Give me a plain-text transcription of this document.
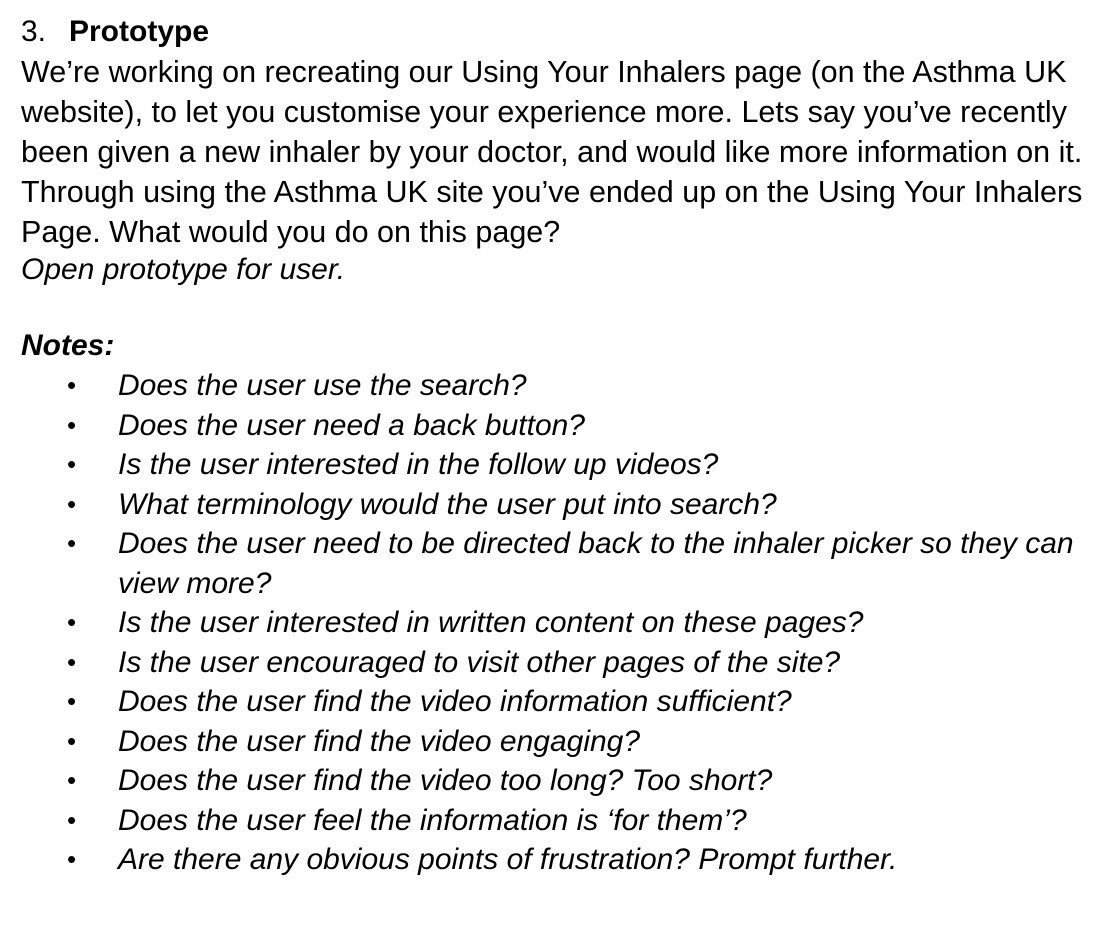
3. Prototype

We’re working on recreating our Using Your Inhalers page (on the Asthma UK website), to let you customise your experience more. Lets say you’ve recently been given a new inhaler by your doctor, and would like more information on it. Through using the Asthma UK site you’ve ended up on the Using Your Inhalers Page. What would you do on this page?

Open prototype for user.

Notes:

•	Does the user use the search?
•	Does the user need a back button?
•	Is the user interested in the follow up videos?
•	What terminology would the user put into search?
•	Does the user need to be directed back to the inhaler picker so they can view more?
•	Is the user interested in written content on these pages?
•	Is the user encouraged to visit other pages of the site?
•	Does the user find the video information sufficient?
•	Does the user find the video engaging?
•	Does the user find the video too long? Too short?
•	Does the user feel the information is ‘for them’?
•	Are there any obvious points of frustration? Prompt further.
